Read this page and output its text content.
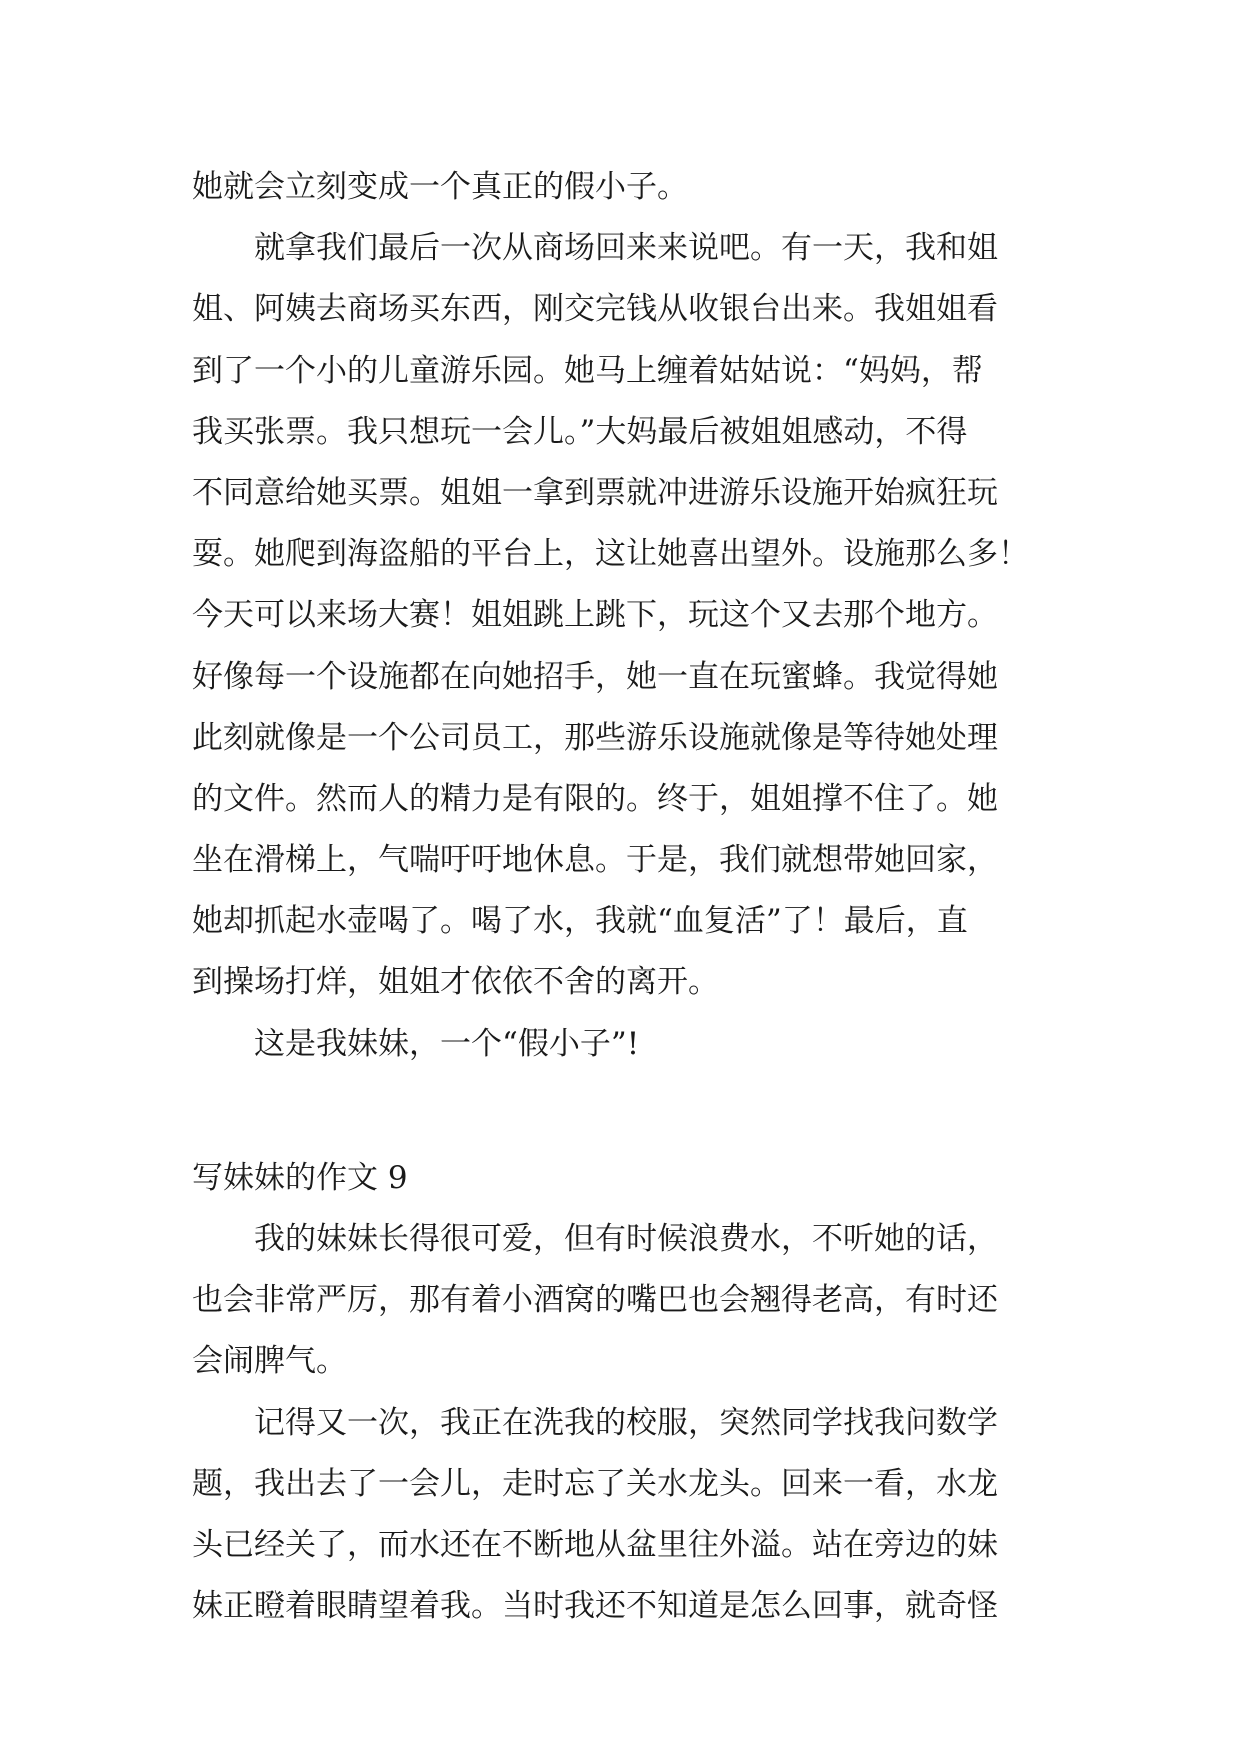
她就会立刻变成一个真正的假小子。
就拿我们最后一次从商场回来来说吧。有一天，我和姐
姐、阿姨去商场买东西，刚交完钱从收银台出来。我姐姐看
到了一个小的儿童游乐园。她马上缠着姑姑说：“妈妈，帮
我买张票。我只想玩一会儿。”大妈最后被姐姐感动，不得
不同意给她买票。姐姐一拿到票就冲进游乐设施开始疯狂玩
耍。她爬到海盗船的平台上，这让她喜出望外。设施那么多！
今天可以来场大赛！姐姐跳上跳下，玩这个又去那个地方。
好像每一个设施都在向她招手，她一直在玩蜜蜂。我觉得她
此刻就像是一个公司员工，那些游乐设施就像是等待她处理
的文件。然而人的精力是有限的。终于，姐姐撑不住了。她
坐在滑梯上，气喘吁吁地休息。于是，我们就想带她回家，
她却抓起水壶喝了。喝了水，我就“血复活”了！最后，直
到操场打烊，姐姐才依依不舍的离开。
这是我妹妹，一个“假小子”!
写妹妹的作文 9
我的妹妹长得很可爱，但有时候浪费水，不听她的话，
也会非常严厉，那有着小酒窝的嘴巴也会翘得老高，有时还
会闹脾气。
记得又一次，我正在洗我的校服，突然同学找我问数学
题，我出去了一会儿，走时忘了关水龙头。回来一看，水龙
头已经关了，而水还在不断地从盆里往外溢。站在旁边的妹
妹正瞪着眼睛望着我。当时我还不知道是怎么回事，就奇怪
